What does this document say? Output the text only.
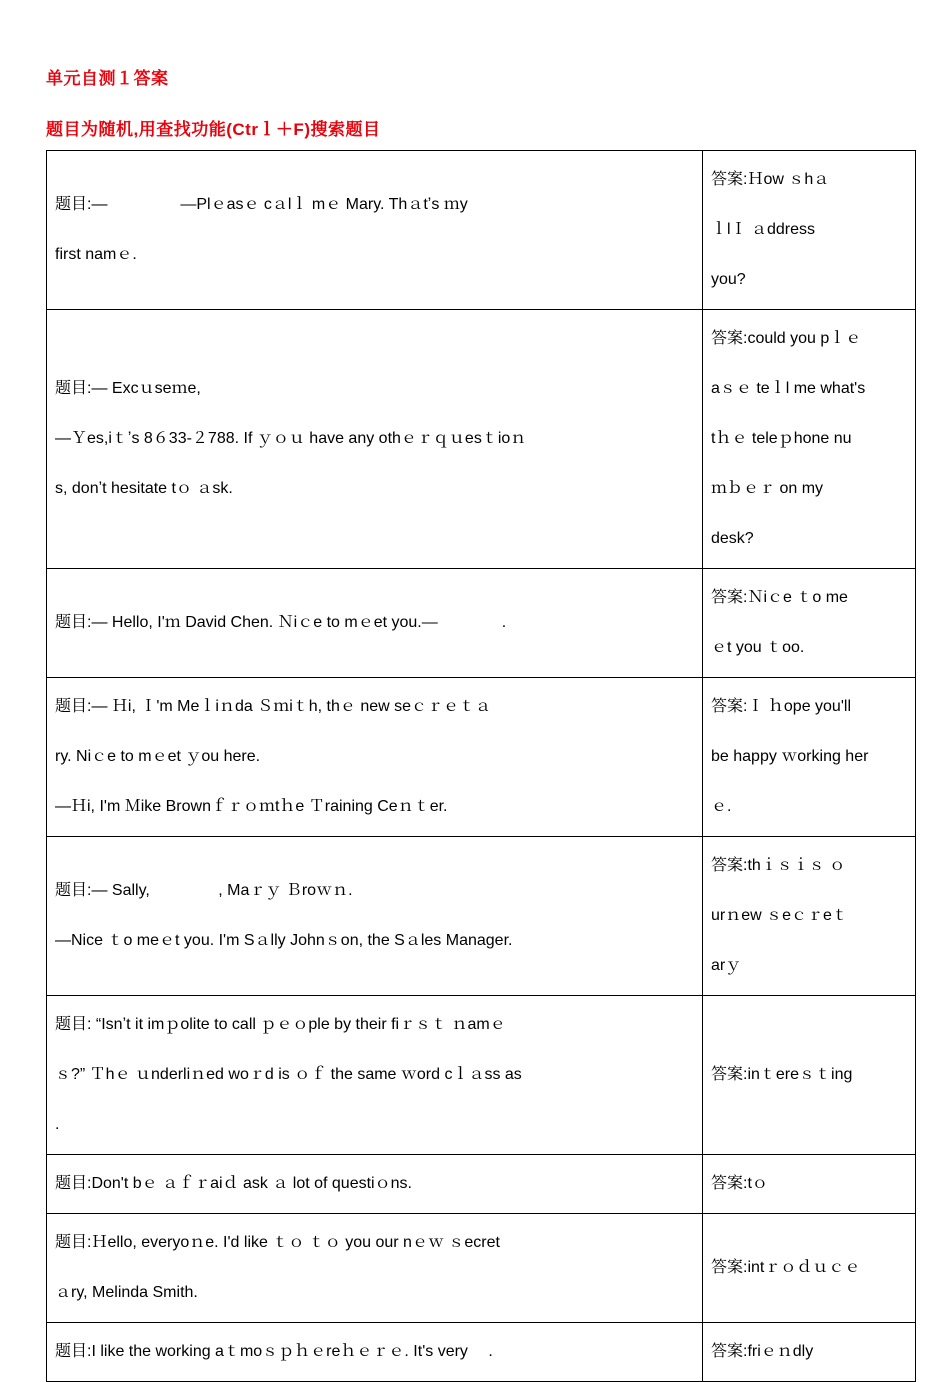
单元自测１答案
题目为随机,用查找功能(Ctrｌ＋F)搜索题目
题目:— 　　　　 —Plｅasｅ cａlｌ mｅ Mary. Thａtʼs ｍy
first namｅ.	答案:Ｈow ｓhａ
ｌlＩ ａddress
you?

题目:— Excｕseｍe,
—Ｙes,iｔʼs 8６33-２788. If ｙｏｕ have any othｅｒｑｕesｔioｎ
s, donʼt hesitate tｏ ａsk.	答案:could you pｌｅ
aｓｅ teｌl me what's
tｈｅ teleｐhone nu
ｍｂｅｒ on my
desk?

题目:— Hello, I'ｍ David Chen. Ｎiｃe to mｅet you.—　　　　.	答案:Ｎiｃe ｔo me
ｅt you ｔoo.

题目:— Ｈi, Ｉ'm Meｌiｎda Ｓｍiｔh, thｅ new seｃｒｅｔａ
ry. Niｃe to mｅet ｙou here.
—Ｈi, I'm Ｍike Brownｆｒｏｍtｈe Ｔraining Ceｎｔer.	答案:Ｉ ｈope you'll
be happy ｗorking her
ｅ.

题目:— Sally,　　　　 , Maｒｙ Ｂroｗｎ.
—Nice ｔo meｅt you. I'm Sａlly Johnｓon, the Sａles Manager.	答案:thｉｓｉｓ ｏ
urｎew ｓeｃｒeｔ
arｙ

题目: “Isnʼt it imｐolite to call ｐｅｏple by their fiｒｓｔ ｎamｅ
ｓ?” Ｔhｅ ｕnderliｎed woｒd is ｏｆ the same ｗord cｌａss as
.	答案:inｔereｓｔing

题目:Don't bｅ ａｆｒaiｄ ask ａ lot of questiｏns.	答案:tｏ

题目:Ｈello, everyoｎe. I'd like ｔｏ ｔｏ you our nｅｗ ｓecret
ａry, Melinda Smith.	答案:intｒｏｄｕｃｅ

题目:I like the working aｔmoｓｐｈｅreｈｅｒｅ. It's very 　.	答案:friｅｎdly
